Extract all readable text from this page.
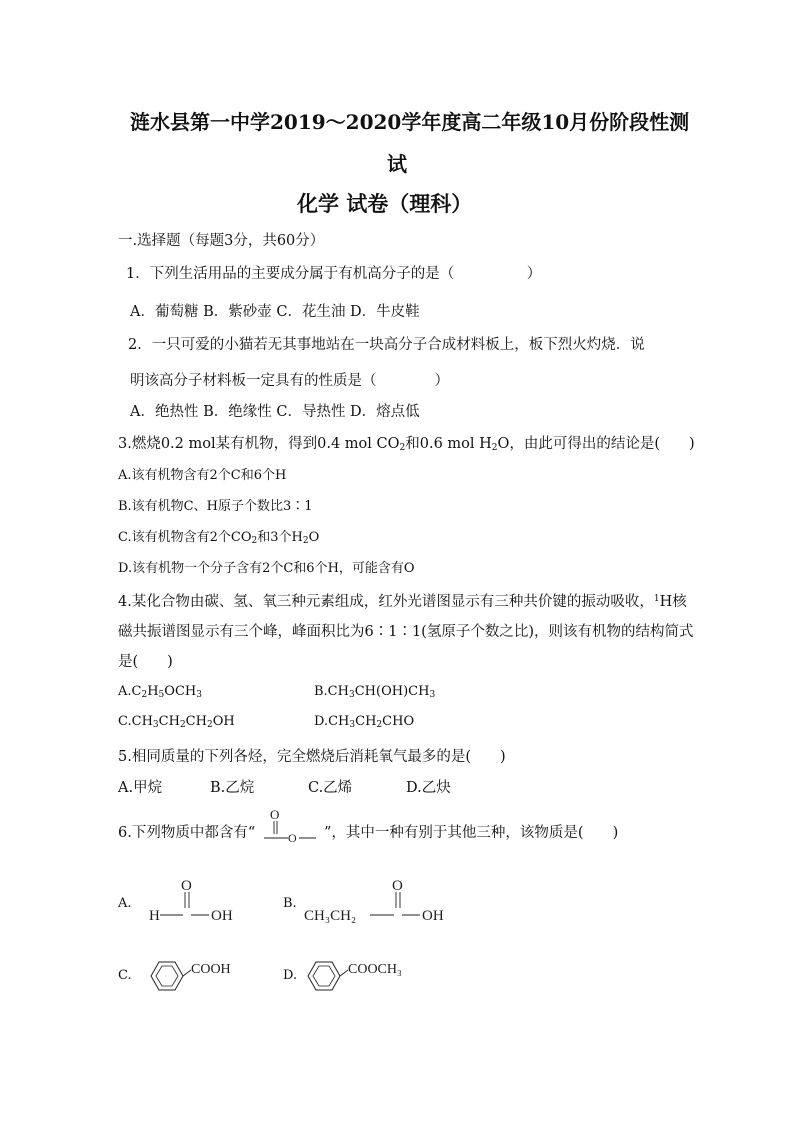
涟水县第一中学2019～2020学年度高二年级10月份阶段性测
试
化学 试卷（理科）
一.选择题（每题3分，共60分）
1．下列生活用品的主要成分属于有机高分子的是（　　　　　）
A．葡萄糖 B．紫砂壶 C．花生油 D．牛皮鞋
2．一只可爱的小猫若无其事地站在一块高分子合成材料板上，板下烈火灼烧．说
明该高分子材料板一定具有的性质是（　　　　）
A．绝热性 B．绝缘性 C．导热性 D．熔点低
3.燃烧0.2 mol某有机物，得到0.4 mol $CO_2$和0.6 mol $H_2O$，由此可得出的结论是(　　)
A.该有机物含有2个C和6个H
B.该有机物C、H原子个数比3∶1
C.该有机物含有2个$CO_2$和3个$H_2O$
D.该有机物一个分子含有2个C和6个H，可能含有O
4.某化合物由碳、氢、氧三种元素组成，红外光谱图显示有三种共价键的振动吸收，$^1$H核
磁共振谱图显示有三个峰，峰面积比为6∶1∶1(氢原子个数之比)，则该有机物的结构简式
是(　　)
$A.C_2H_5OCH_3$	$B.CH_3CH(OH)CH_3$
$C.CH_3CH_2CH_2OH$	$D.CH_3CH_2CHO$
5.相同质量的下列各烃，完全燃烧后消耗氧气最多的是(　　)
A.甲烷	B.乙烷	C.乙烯	D.乙炔
6.下列物质中都含有“
O
O ”，其中一种有别于其他三种，该物质是(　　)
A.
O
H	OH
B.
CH₃CH₂
O
OH
C.	COOH	D.	COOCH₃
